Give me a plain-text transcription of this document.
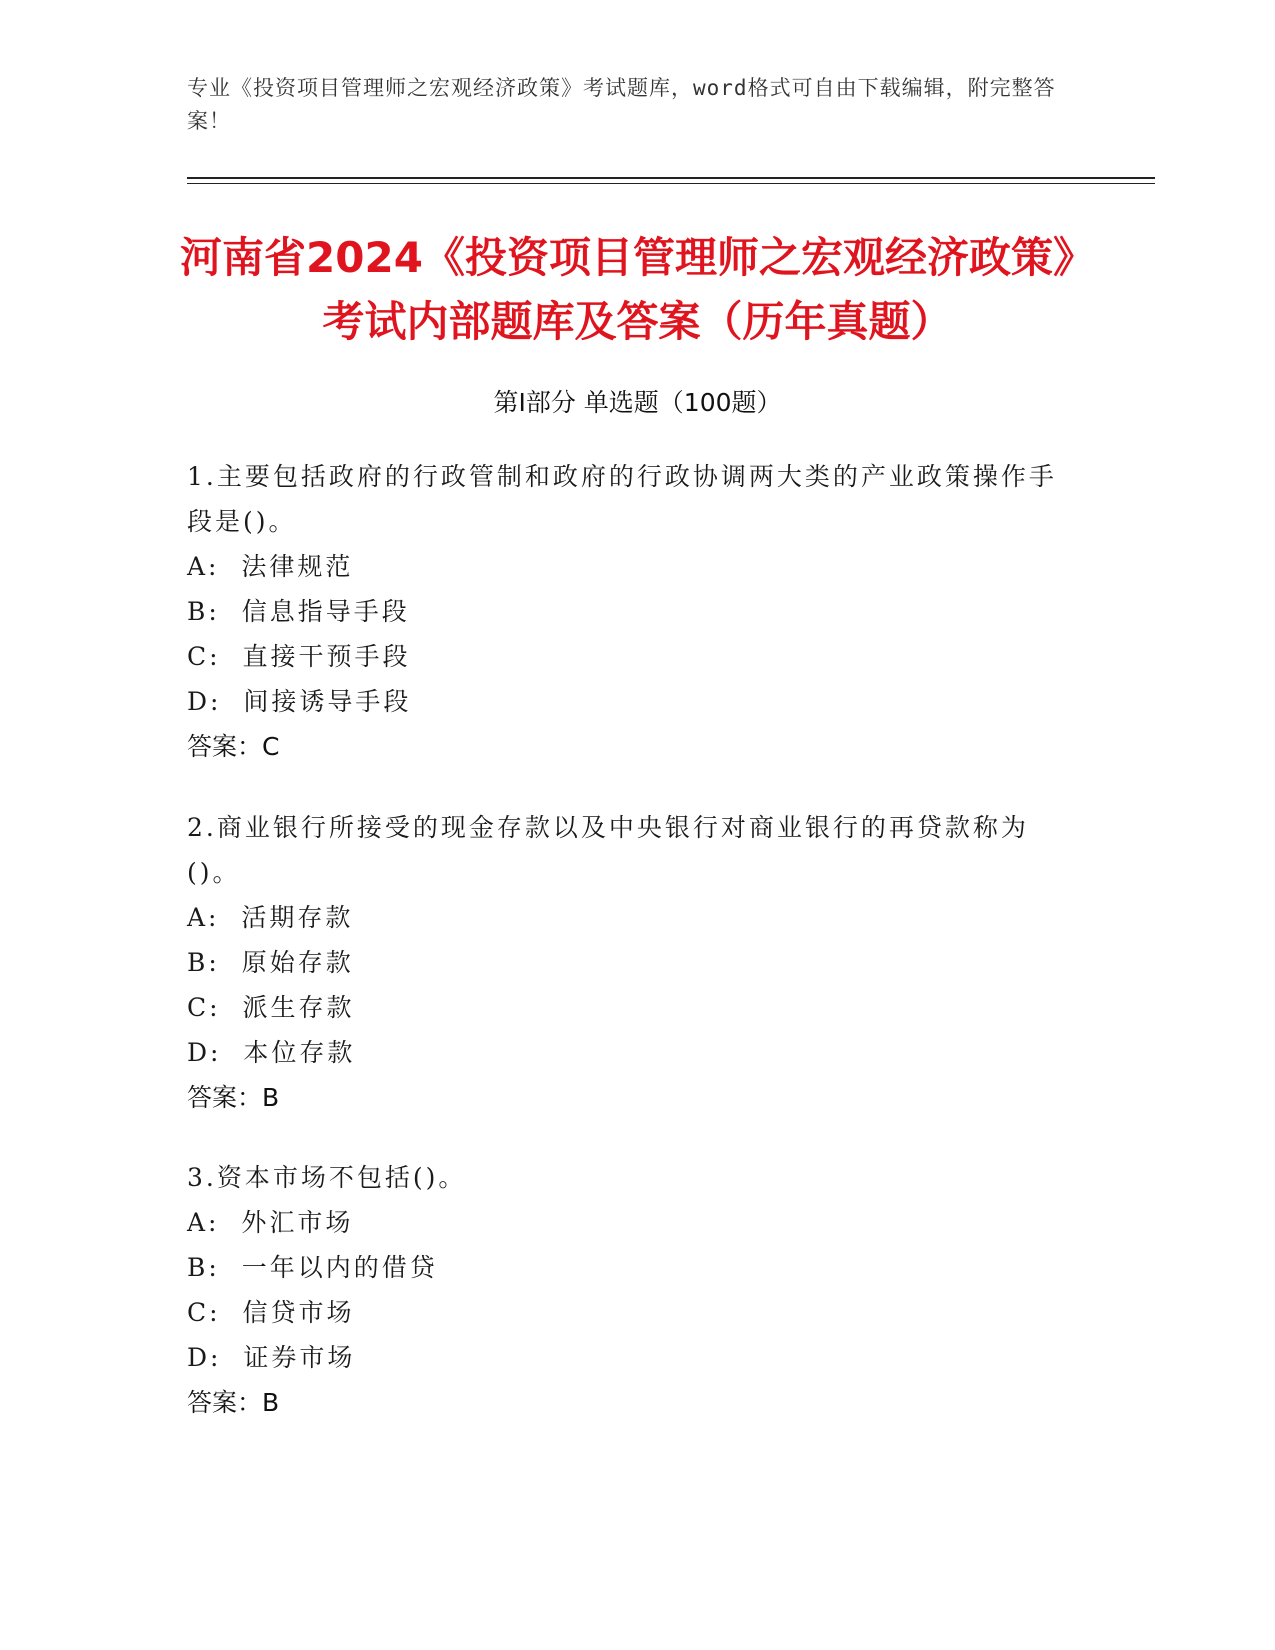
专业《投资项目管理师之宏观经济政策》考试题库，word格式可自由下载编辑，附完整答案！
河南省2024《投资项目管理师之宏观经济政策》考试内部题库及答案（历年真题）
第Ⅰ部分 单选题（100题）
1.主要包括政府的行政管制和政府的行政协调两大类的产业政策操作手段是()。
A:  法律规范
B:  信息指导手段
C:  直接干预手段
D:  间接诱导手段
答案：C
2.商业银行所接受的现金存款以及中央银行对商业银行的再贷款称为()。
A:  活期存款
B:  原始存款
C:  派生存款
D:  本位存款
答案：B
3.资本市场不包括()。
A:  外汇市场
B:  一年以内的借贷
C:  信贷市场
D:  证券市场
答案：B
